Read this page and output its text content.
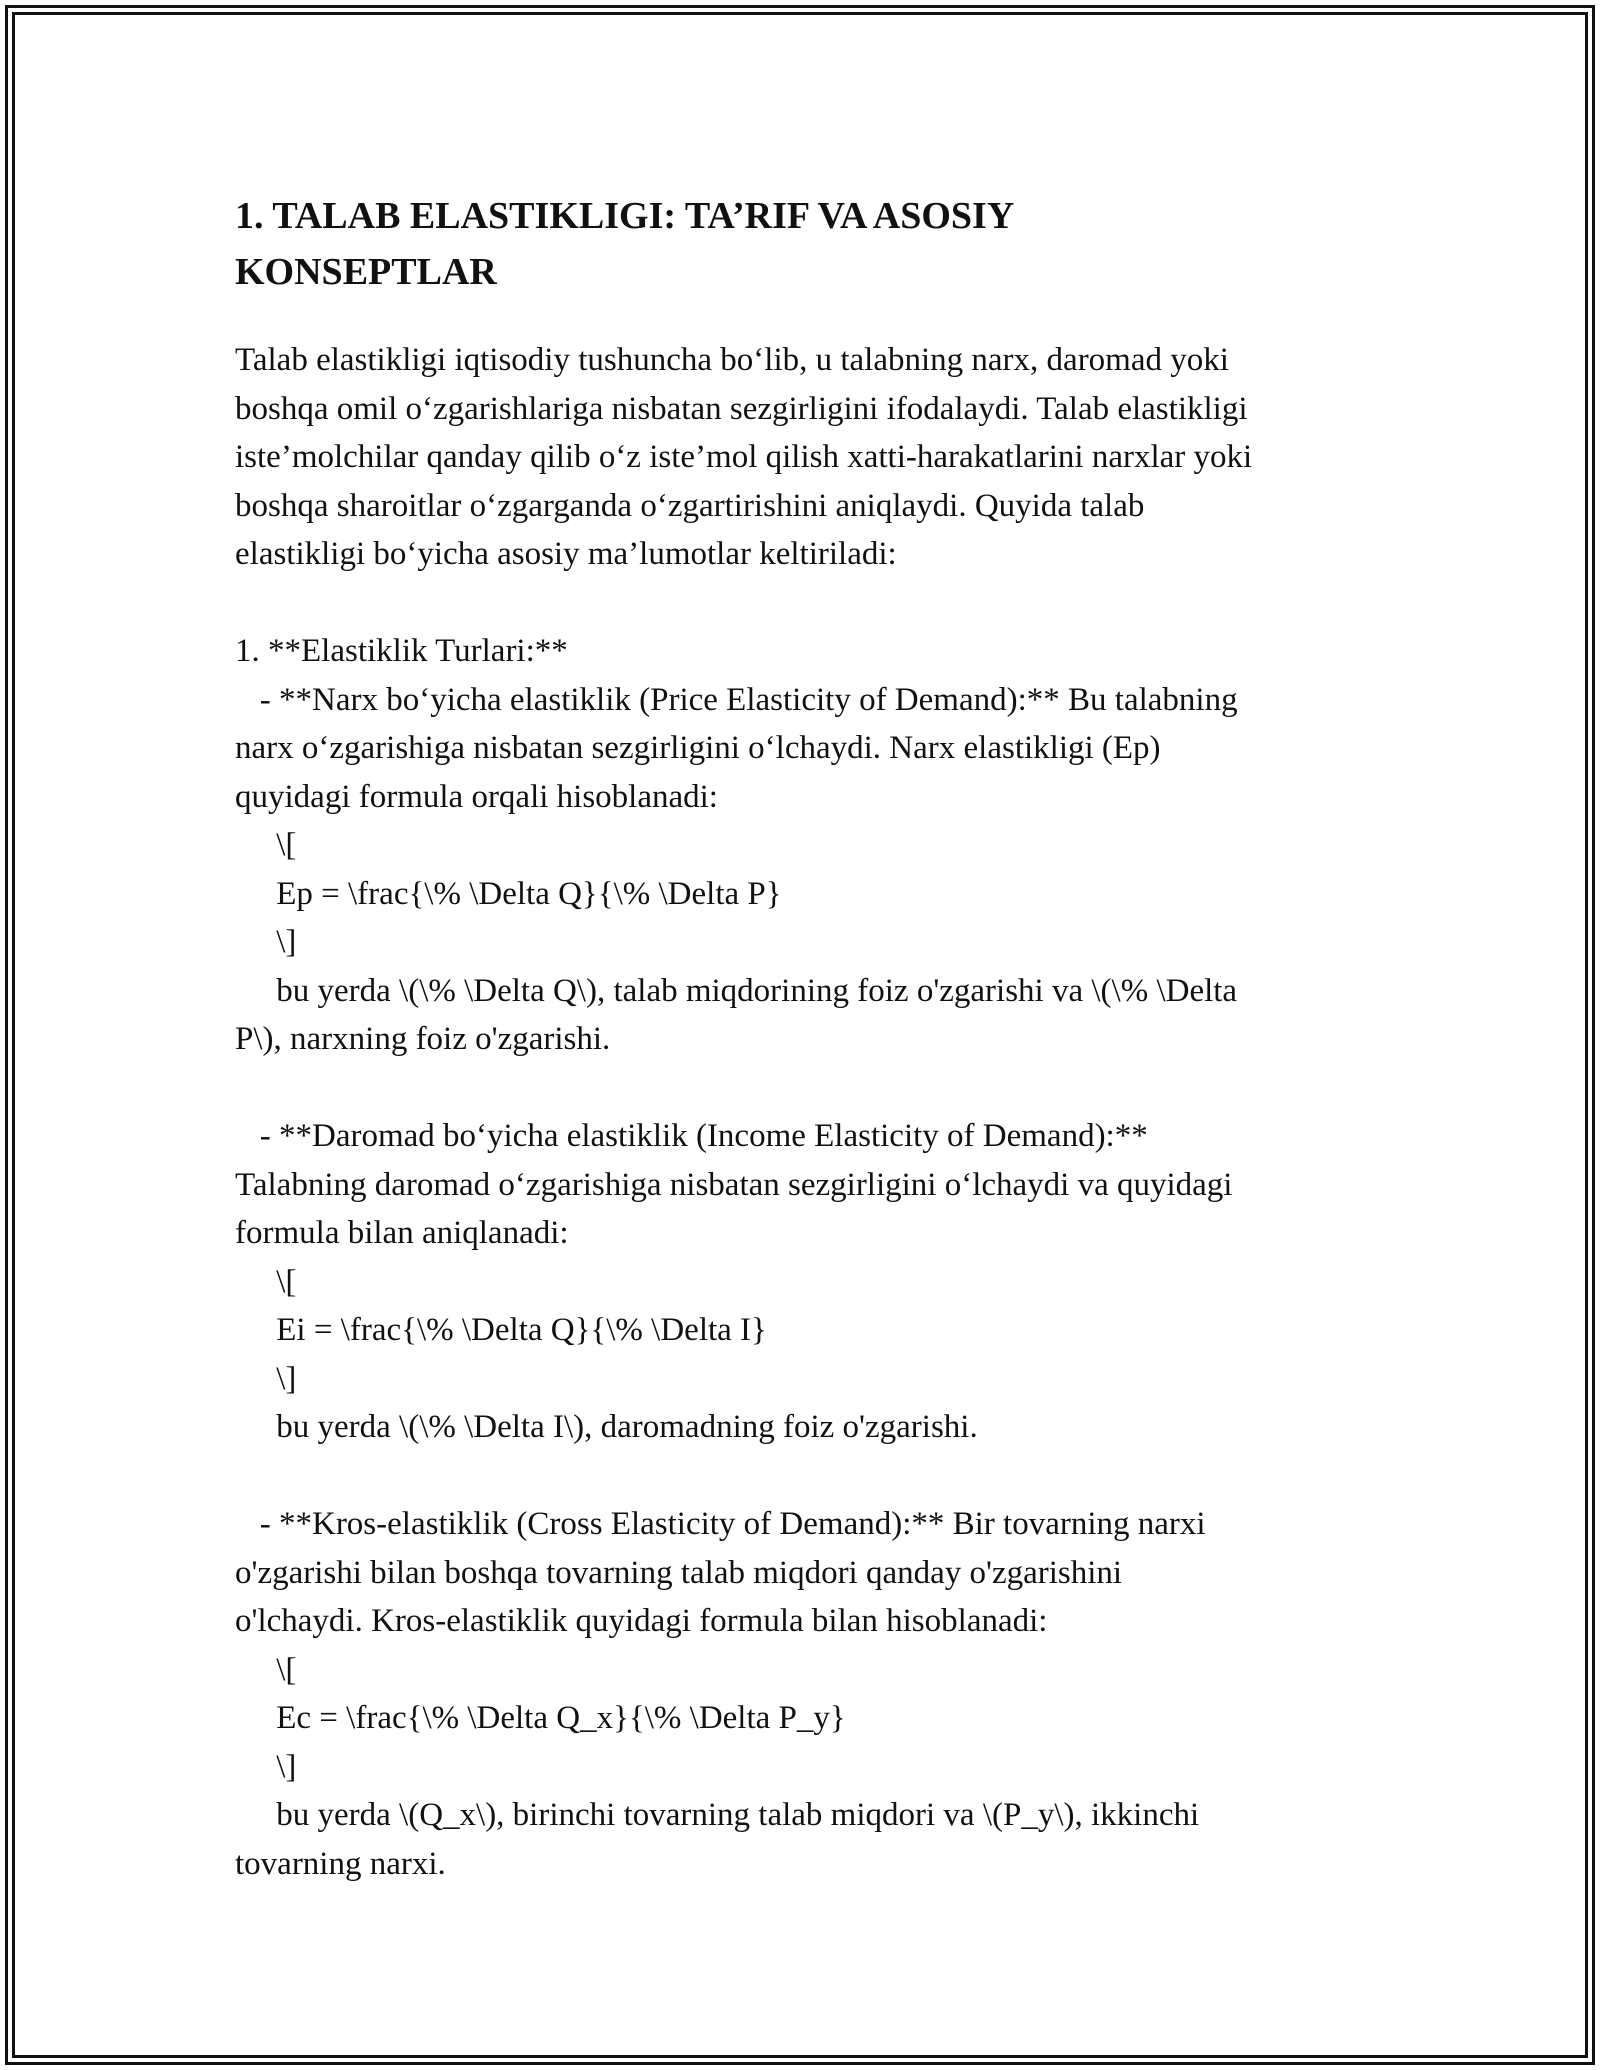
1. TALAB ELASTIKLIGI: TA’RIF VA ASOSIY
KONSEPTLAR
Talab elastikligi iqtisodiy tushuncha bo‘lib, u talabning narx, daromad yoki
boshqa omil o‘zgarishlariga nisbatan sezgirligini ifodalaydi. Talab elastikligi
iste’molchilar qanday qilib o‘z iste’mol qilish xatti-harakatlarini narxlar yoki
boshqa sharoitlar o‘zgarganda o‘zgartirishini aniqlaydi. Quyida talab
elastikligi bo‘yicha asosiy ma’lumotlar keltiriladi:
1. **Elastiklik Turlari:**
- **Narx bo‘yicha elastiklik (Price Elasticity of Demand):** Bu talabning
narx o‘zgarishiga nisbatan sezgirligini o‘lchaydi. Narx elastikligi (Ep)
quyidagi formula orqali hisoblanadi:
\[
Ep = \frac{\% \Delta Q}{\% \Delta P}
\]
bu yerda \(\% \Delta Q\), talab miqdorining foiz o'zgarishi va \(\% \Delta
P\), narxning foiz o'zgarishi.
- **Daromad bo‘yicha elastiklik (Income Elasticity of Demand):**
Talabning daromad o‘zgarishiga nisbatan sezgirligini o‘lchaydi va quyidagi
formula bilan aniqlanadi:
\[
Ei = \frac{\% \Delta Q}{\% \Delta I}
\]
bu yerda \(\% \Delta I\), daromadning foiz o'zgarishi.
- **Kros-elastiklik (Cross Elasticity of Demand):** Bir tovarning narxi
o'zgarishi bilan boshqa tovarning talab miqdori qanday o'zgarishini
o'lchaydi. Kros-elastiklik quyidagi formula bilan hisoblanadi:
\[
Ec = \frac{\% \Delta Q_x}{\% \Delta P_y}
\]
bu yerda \(Q_x\), birinchi tovarning talab miqdori va \(P_y\), ikkinchi
tovarning narxi.
